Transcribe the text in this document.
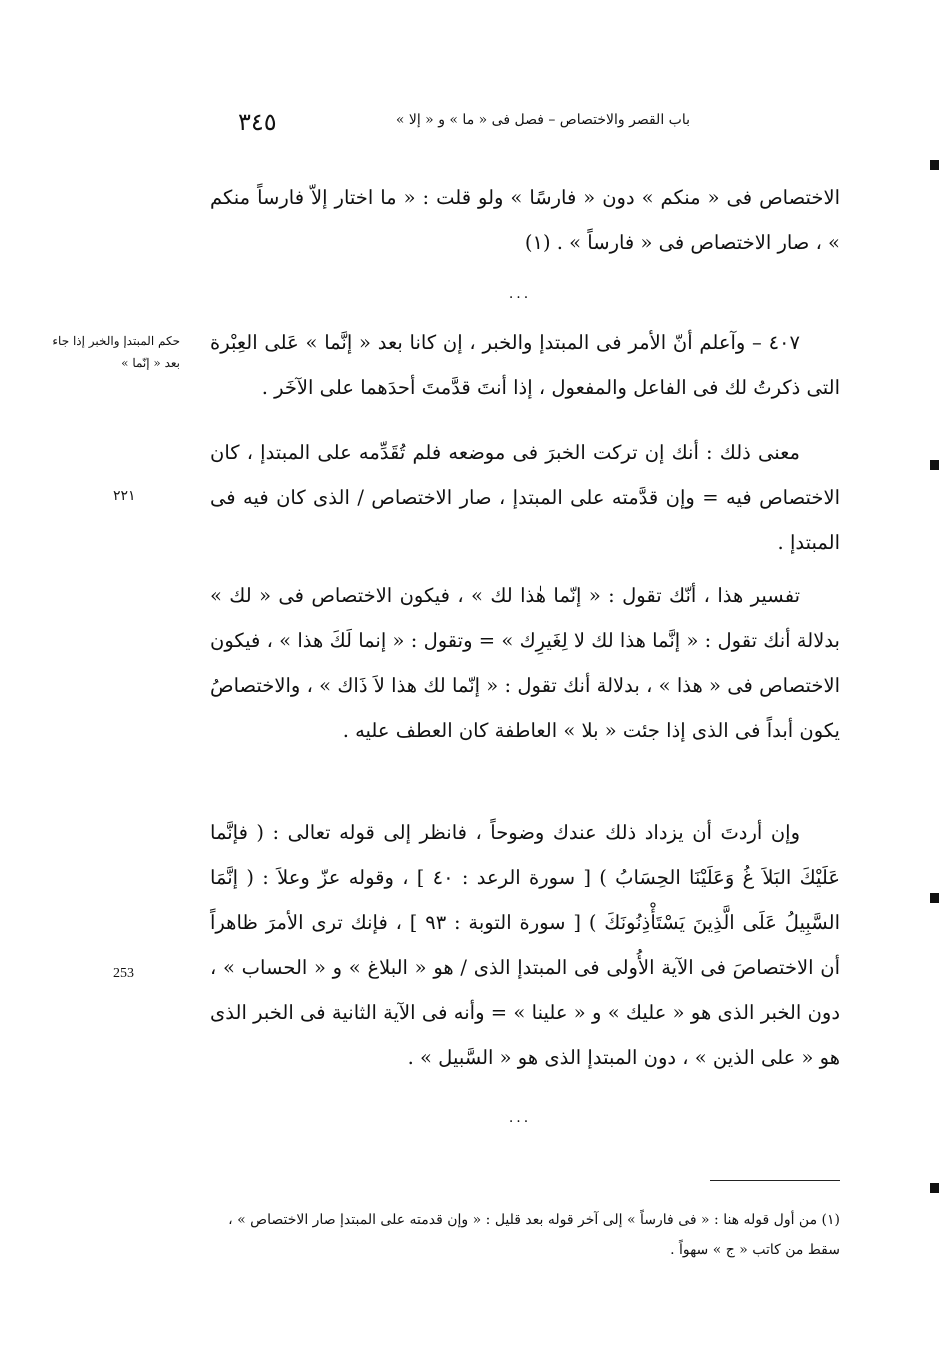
٣٤٥	باب القصر والاختصاص – فصل فى « ما » و « إلا »

الاختصاص فى « منكم » دون « فارسًا » ولو قلت : « ما اختار إلاّ فارساً منكم » ، صار الاختصاص فى « فارساً » . (١)

...

٤٠٧ – وآعلم أنّ الأمر فى المبتدإ والخبر ، إن كانا بعد « إنَّما » عَلى العِبْرة التى ذكرتُ لك فى الفاعل والمفعول ، إذا أنتَ قدَّمتَ أحدَهما على الآخَر .

حكم المبتدإ والخبر إذا جاء بعد « إنّما »

معنى ذلك : أنك إن تركت الخبرَ فى موضعه فلم تُقَدِّمه على المبتدإ ، كان الاختصاص فيه = وإن قدَّمته على المبتدإ ، صار الاختصاص / الذى كان فيه فى المبتدإ .

٢٢١

تفسير هذا ، أنّك تقول : « إنّما هٰذا لك » ، فيكون الاختصاص فى « لك » بدلالة أنك تقول : « إنَّما هذا لك لا لِغَيرِك » = وتقول : « إنما لَكَ هذا » ، فيكون الاختصاص فى « هذا » ، بدلالة أنك تقول : « إنّما لك هذا لاَ ذَاك » ، والاختصاصُ يكون أبداً فى الذى إذا جئت « بلا » العاطفة كان العطف عليه .

وإن أردتَ أن يزداد ذلك عندك وضوحاً ، فانظر إلى قوله تعالى : ( فإنَّما عَلَيْكَ البَلاَ غُ وَعَلَيْنَا الحِسَابُ ) [ سورة الرعد : ٤٠ ] ، وقوله عزّ وعلاَ : ( إنَّمَا السَّبِيلُ عَلَى الَّذِينَ يَسْتَأْذِنُونَكَ ) [ سورة التوبة : ٩٣ ] ، فإنك ترى الأمرَ ظاهراً أن الاختصاصَ فى الآية الأُولى فى المبتدإ الذى / هو « البلاغ » و « الحساب » ، دون الخبر الذى هو « عليك » و « علينا » = وأنه فى الآية الثانية فى الخبر الذى هو « على الذين » ، دون المبتدإ الذى هو « السَّبيل » .

253
...

(١) من أول قوله هنا : « فى فارساً » إلى آخر قوله بعد قليل : « وإن قدمته على المبتدإ صار الاختصاص » ، سقط من كاتب « ج » سهواً .
